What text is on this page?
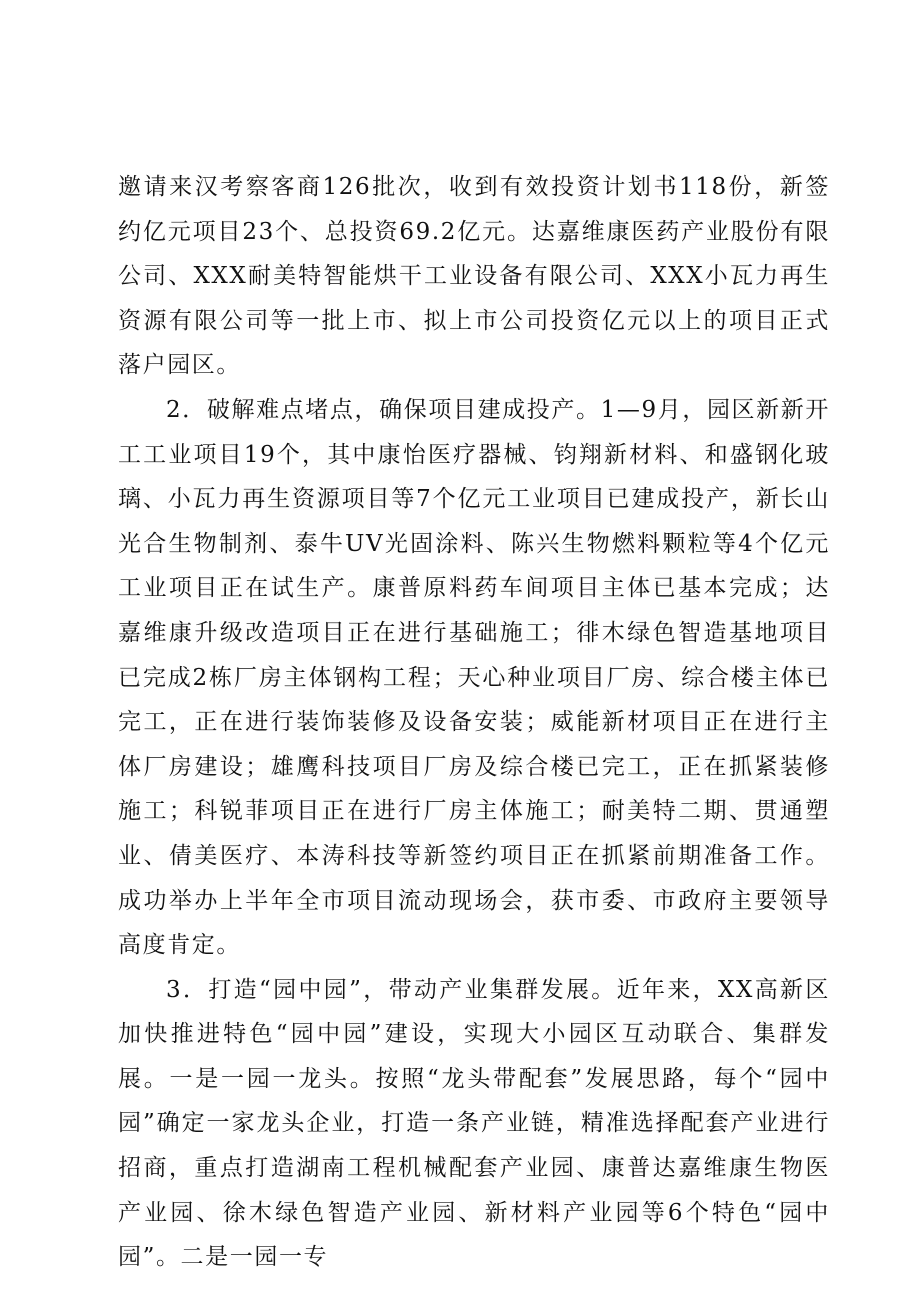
邀请来汉考察客商126批次，收到有效投资计划书118份，新签约亿元项目23个、总投资69.2亿元。达嘉维康医药产业股份有限公司、XXX耐美特智能烘干工业设备有限公司、XXX小瓦力再生资源有限公司等一批上市、拟上市公司投资亿元以上的项目正式落户园区。

2．破解难点堵点，确保项目建成投产。1—9月，园区新新开工工业项目19个，其中康怡医疗器械、钧翔新材料、和盛钢化玻璃、小瓦力再生资源项目等7个亿元工业项目已建成投产，新长山光合生物制剂、泰牛UV光固涂料、陈兴生物燃料颗粒等4个亿元工业项目正在试生产。康普原料药车间项目主体已基本完成；达嘉维康升级改造项目正在进行基础施工；徘木绿色智造基地项目已完成2栋厂房主体钢构工程；天心种业项目厂房、综合楼主体已完工，正在进行装饰装修及设备安装；威能新材项目正在进行主体厂房建设；雄鹰科技项目厂房及综合楼已完工，正在抓紧装修施工；科锐菲项目正在进行厂房主体施工；耐美特二期、贯通塑业、倩美医疗、本涛科技等新签约项目正在抓紧前期准备工作。成功举办上半年全市项目流动现场会，获市委、市政府主要领导高度肯定。

3．打造“园中园”，带动产业集群发展。近年来，XX高新区加快推进特色“园中园”建设，实现大小园区互动联合、集群发展。一是一园一龙头。按照“龙头带配套”发展思路，每个“园中园”确定一家龙头企业，打造一条产业链，精准选择配套产业进行招商，重点打造湖南工程机械配套产业园、康普达嘉维康生物医产业园、徐木绿色智造产业园、新材料产业园等6个特色“园中园”。二是一园一专
